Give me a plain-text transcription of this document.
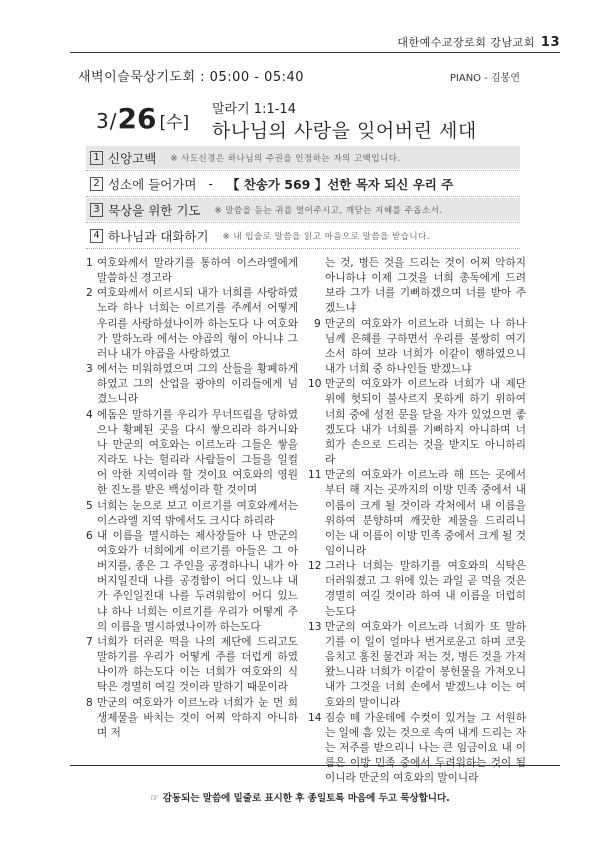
대한예수교장로회 강남교회 13
새벽이슬묵상기도회 : 05:00 - 05:40	PIANO - 김봉연
3 / 26 [수]
말라기 1:1-14
하나님의 사랑을 잊어버린 세대
1 신앙고백 ※ 사도신경은 하나님의 주권을 인정하는 자의 고백입니다.
2 성소에 들어가며 - 【 찬송가 569 】선한 목자 되신 우리 주
3 묵상을 위한 기도 ※ 말씀을 듣는 귀를 열어주시고, 깨닫는 지혜를 주옵소서.
4 하나님과 대화하기 ※ 내 입술로 말씀을 읽고 마음으로 말씀을 받습니다.
1 여호와께서 말라기를 통하여 이스라엘에게 말씀하신 경고라
2 여호와께서 이르시되 내가 너희를 사랑하였노라 하나 너희는 이르기를 주께서 어떻게 우리를 사랑하셨나이까 하는도다 나 여호와가 말하노라 에서는 야곱의 형이 아니냐 그러나 내가 야곱을 사랑하였고
3 에서는 미워하였으며 그의 산들을 황폐하게 하였고 그의 산업을 광야의 이리들에게 넘겼느니라
4 에돔은 말하기를 우리가 무너뜨림을 당하였으나 황폐된 곳을 다시 쌓으리라 하거니와 나 만군의 여호와는 이르노라 그들은 쌓을지라도 나는 헐리라 사람들이 그들을 일컬어 악한 지역이라 할 것이요 여호와의 영원한 진노를 받은 백성이라 할 것이며
5 너희는 눈으로 보고 이르기를 여호와께서는 이스라엘 지역 밖에서도 크시다 하리라
6 내 이름을 멸시하는 제사장들아 나 만군의 여호와가 너희에게 이르기를 아들은 그 아버지를, 종은 그 주인을 공경하나니 내가 아버지일진대 나를 공경함이 어디 있느냐 내가 주인일진대 나를 두려워함이 어디 있느냐 하나 너희는 이르기를 우리가 어떻게 주의 이름을 멸시하였나이까 하는도다
7 너희가 더러운 떡을 나의 제단에 드리고도 말하기를 우리가 어떻게 주를 더럽게 하였나이까 하는도다 이는 너희가 여호와의 식탁은 경멸히 여길 것이라 말하기 때문이라
8 만군의 여호와가 이르노라 너희가 눈 먼 희생제물을 바치는 것이 어찌 악하지 아니하며 저
는 것, 병든 것을 드리는 것이 어찌 악하지 아니하냐 이제 그것을 너희 총독에게 드려 보라 그가 너를 기뻐하겠으며 너를 받아 주겠느냐
9 만군의 여호와가 이르노라 너희는 나 하나님께 은혜를 구하면서 우리를 불쌍히 여기소서 하여 보라 너희가 이같이 행하였으니 내가 너희 중 하나인들 받겠느냐
10 만군의 여호와가 이르노라 너희가 내 제단 위에 헛되이 불사르지 못하게 하기 위하여 너희 중에 성전 문을 닫을 자가 있었으면 좋겠도다 내가 너희를 기뻐하지 아니하며 너희가 손으로 드리는 것을 받지도 아니하리라
11 만군의 여호와가 이르노라 해 뜨는 곳에서부터 해 지는 곳까지의 이방 민족 중에서 내 이름이 크게 될 것이라 각처에서 내 이름을 위하여 분향하며 깨끗한 제물을 드리리니 이는 내 이름이 이방 민족 중에서 크게 될 것임이니라
12 그러나 너희는 말하기를 여호와의 식탁은 더러워졌고 그 위에 있는 과일 곧 먹을 것은 경멸히 여길 것이라 하여 내 이름을 더럽히는도다
13 만군의 여호와가 이르노라 너희가 또 말하기를 이 일이 얼마나 번거로운고 하며 코웃음치고 훔친 물건과 저는 것, 병든 것을 가져왔느니라 너희가 이같이 봉헌물을 가져오니 내가 그것을 너희 손에서 받겠느냐 이는 여호와의 말이니라
14 짐승 떼 가운데에 수컷이 있거늘 그 서원하는 일에 흠 있는 것으로 속여 내게 드리는 자는 저주를 받으리니 나는 큰 임금이요 내 이름은 이방 민족 중에서 두려워하는 것이 됨이니라 만군의 여호와의 말이니라
☞ 감동되는 말씀에 밑줄로 표시한 후 종일토록 마음에 두고 묵상합니다.
